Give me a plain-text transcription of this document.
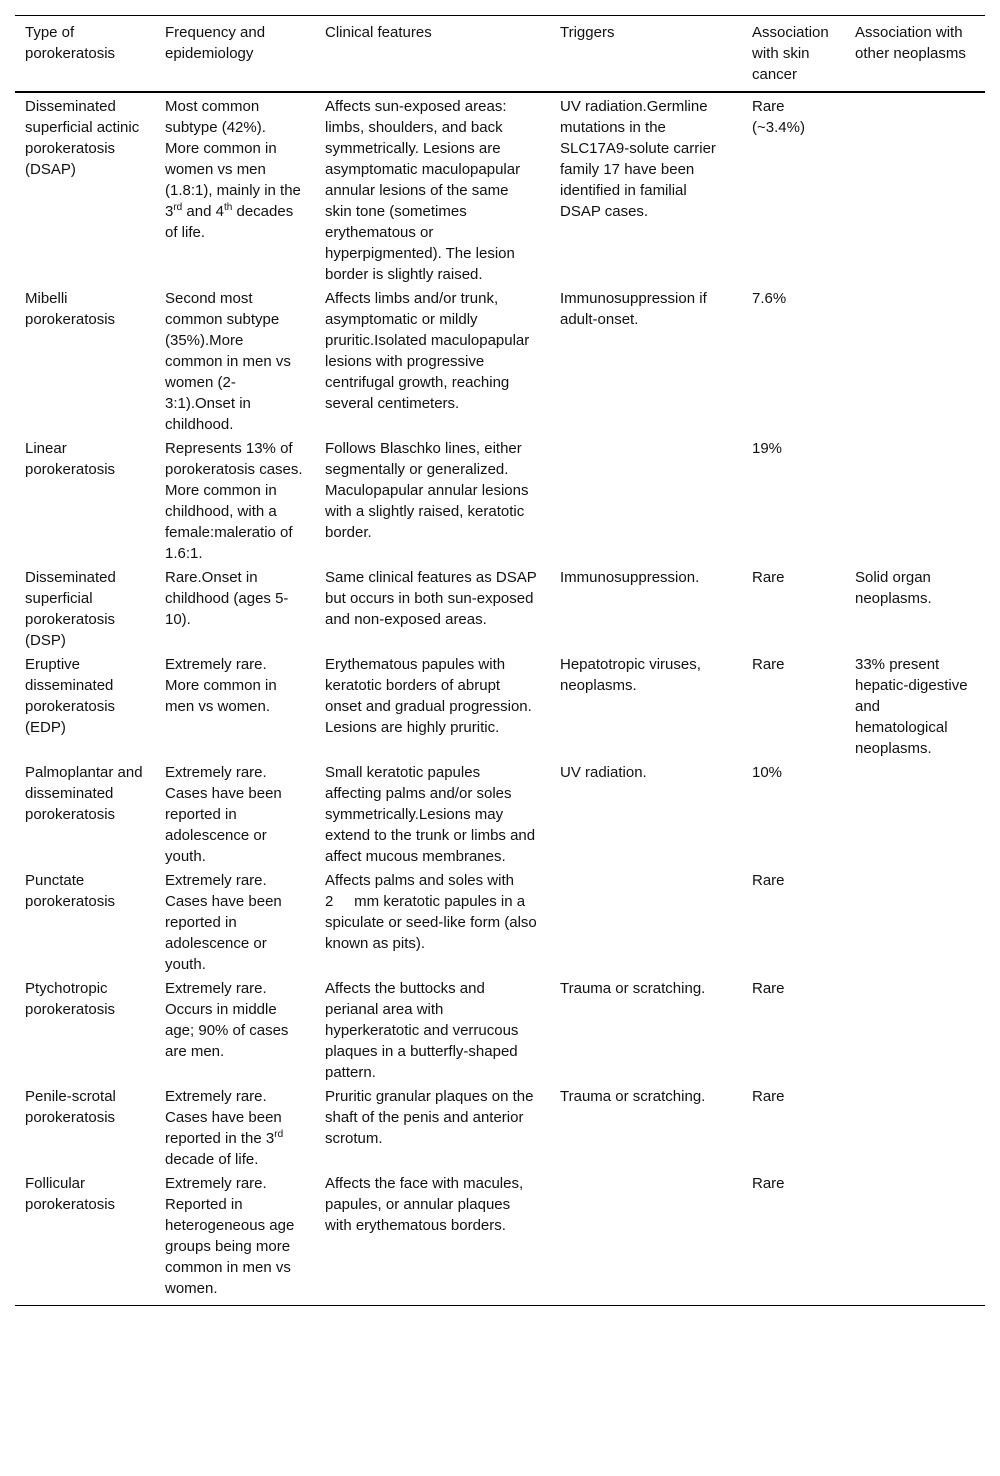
Type of porokeratosis	Frequency and epidemiology	Clinical features	Triggers	Association with skin cancer	Association with other neoplasms
Disseminated superficial actinic porokeratosis (DSAP)	Most common subtype (42%). More common in women vs men (1.8:1), mainly in the 3rd and 4th decades of life.	Affects sun-exposed areas: limbs, shoulders, and back symmetrically. Lesions are asymptomatic maculopapular annular lesions of the same skin tone (sometimes erythematous or hyperpigmented). The lesion border is slightly raised.	UV radiation.Germline mutations in the SLC17A9-solute carrier family 17 have been identified in familial DSAP cases.	Rare (~3.4%)	
Mibelli porokeratosis	Second most common subtype (35%).More common in men vs women (2-3:1).Onset in childhood.	Affects limbs and/or trunk, asymptomatic or mildly pruritic.Isolated maculopapular lesions with progressive centrifugal growth, reaching several centimeters.	Immunosuppression if adult-onset.	7.6%	
Linear porokeratosis	Represents 13% of porokeratosis cases. More common in childhood, with a female:maleratio of 1.6:1.	Follows Blaschko lines, either segmentally or generalized. Maculopapular annular lesions with a slightly raised, keratotic border.		19%	
Disseminated superficial porokeratosis (DSP)	Rare.Onset in childhood (ages 5-10).	Same clinical features as DSAP but occurs in both sun-exposed and non-exposed areas.	Immunosuppression.	Rare	Solid organ neoplasms.
Eruptive disseminated porokeratosis (EDP)	Extremely rare. More common in men vs women.	Erythematous papules with keratotic borders of abrupt onset and gradual progression. Lesions are highly pruritic.	Hepatotropic viruses, neoplasms.	Rare	33% present hepatic-digestive and hematological neoplasms.
Palmoplantar and disseminated porokeratosis	Extremely rare. Cases have been reported in adolescence or youth.	Small keratotic papules affecting palms and/or soles symmetrically.Lesions may extend to the trunk or limbs and affect mucous membranes.	UV radiation.	10%	
Punctate porokeratosis	Extremely rare. Cases have been reported in adolescence or youth.	Affects palms and soles with 2     mm keratotic papules in a spiculate or seed-like form (also known as pits).		Rare	
Ptychotropic porokeratosis	Extremely rare. Occurs in middle age; 90% of cases are men.	Affects the buttocks and perianal area with hyperkeratotic and verrucous plaques in a butterfly-shaped pattern.	Trauma or scratching.	Rare	
Penile-scrotal porokeratosis	Extremely rare. Cases have been reported in the 3rd decade of life.	Pruritic granular plaques on the shaft of the penis and anterior scrotum.	Trauma or scratching.	Rare	
Follicular porokeratosis	Extremely rare. Reported in heterogeneous age groups being more common in men vs women.	Affects the face with macules, papules, or annular plaques with erythematous borders.		Rare	
